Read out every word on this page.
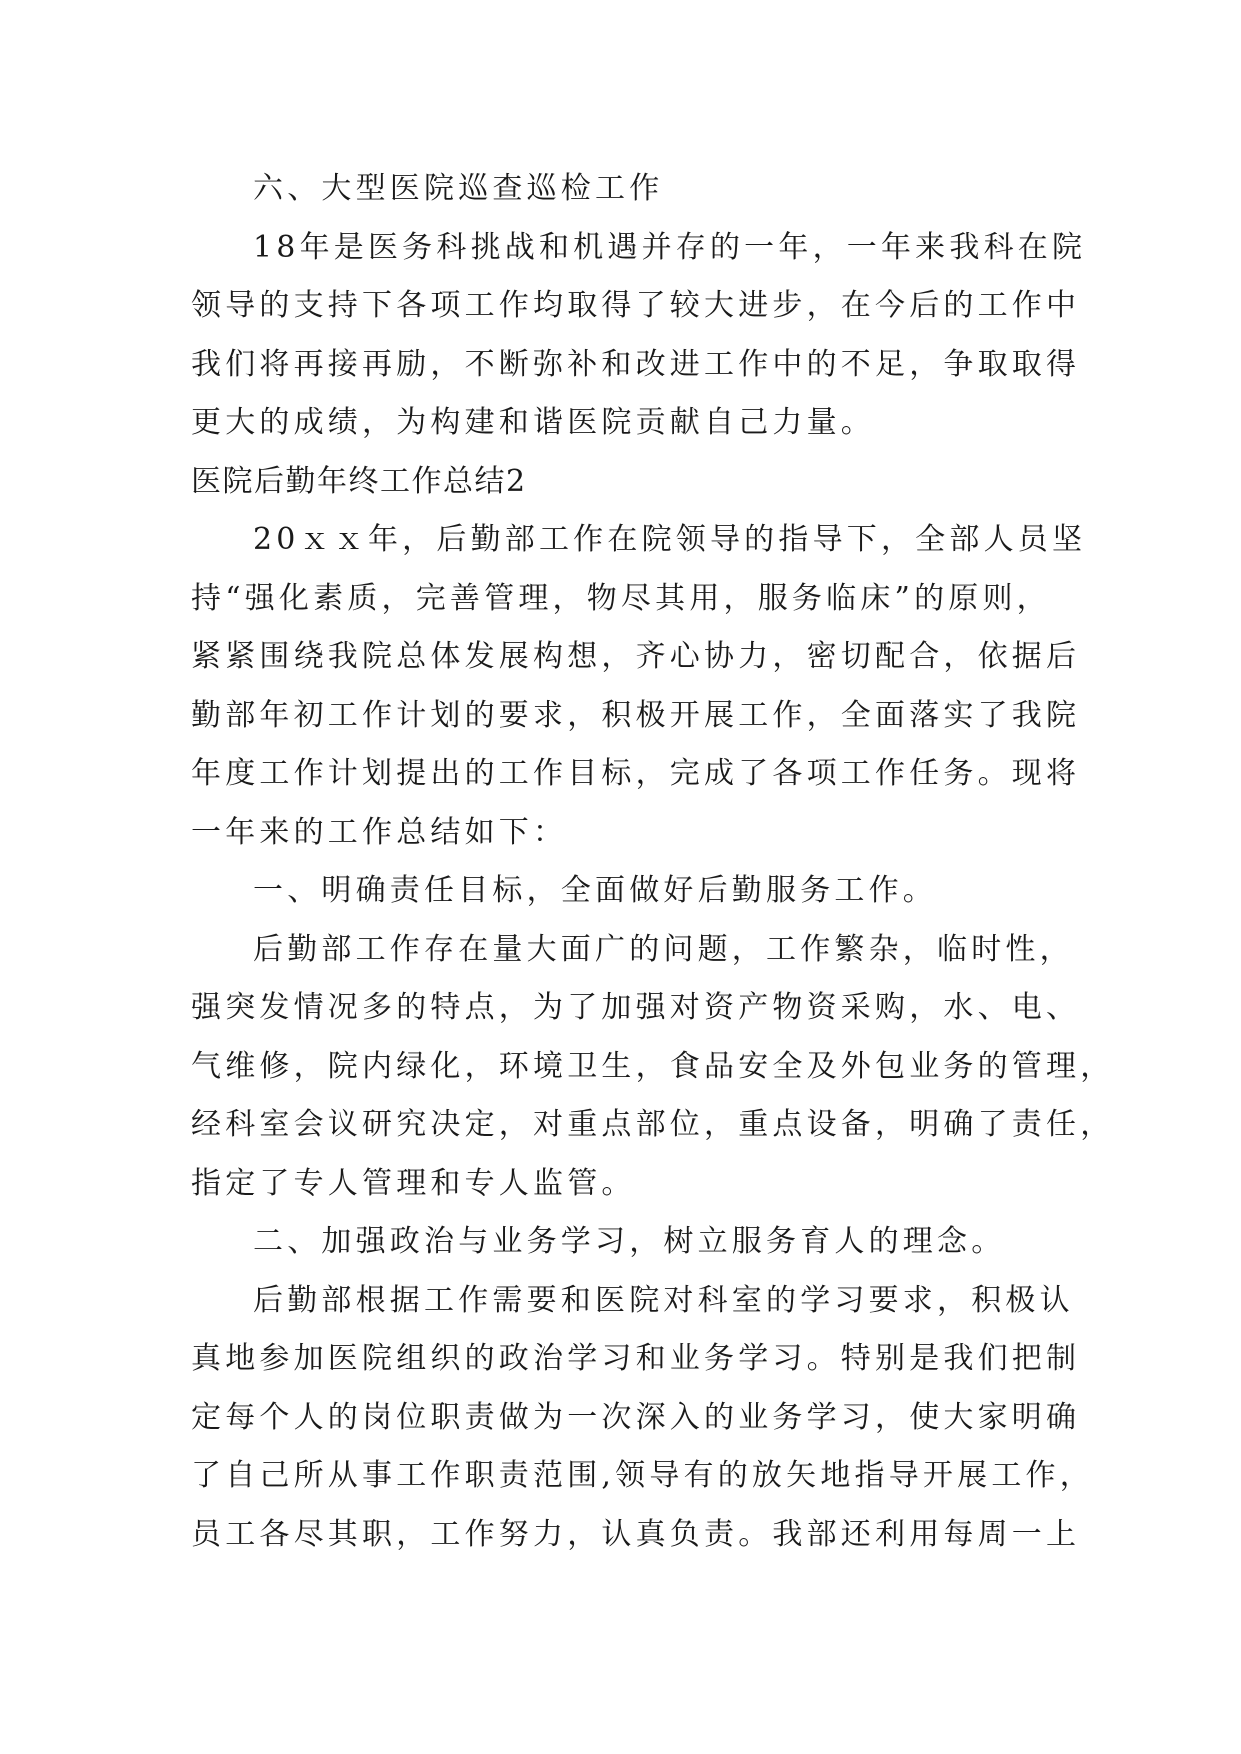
六、大型医院巡查巡检工作
18年是医务科挑战和机遇并存的一年，一年来我科在院
领导的支持下各项工作均取得了较大进步，在今后的工作中
我们将再接再励，不断弥补和改进工作中的不足，争取取得
更大的成绩，为构建和谐医院贡献自己力量。
医院后勤年终工作总结2
20ｘｘ年，后勤部工作在院领导的指导下，全部人员坚
持“强化素质，完善管理，物尽其用，服务临床”的原则，
紧紧围绕我院总体发展构想，齐心协力，密切配合，依据后
勤部年初工作计划的要求，积极开展工作，全面落实了我院
年度工作计划提出的工作目标，完成了各项工作任务。现将
一年来的工作总结如下：
一、明确责任目标，全面做好后勤服务工作。
后勤部工作存在量大面广的问题，工作繁杂，临时性，
强突发情况多的特点，为了加强对资产物资采购，水、电、
气维修，院内绿化，环境卫生，食品安全及外包业务的管理，
经科室会议研究决定，对重点部位，重点设备，明确了责任，
指定了专人管理和专人监管。
二、加强政治与业务学习，树立服务育人的理念。
后勤部根据工作需要和医院对科室的学习要求，积极认
真地参加医院组织的政治学习和业务学习。特别是我们把制
定每个人的岗位职责做为一次深入的业务学习，使大家明确
了自己所从事工作职责范围,领导有的放矢地指导开展工作，
员工各尽其职，工作努力，认真负责。我部还利用每周一上
